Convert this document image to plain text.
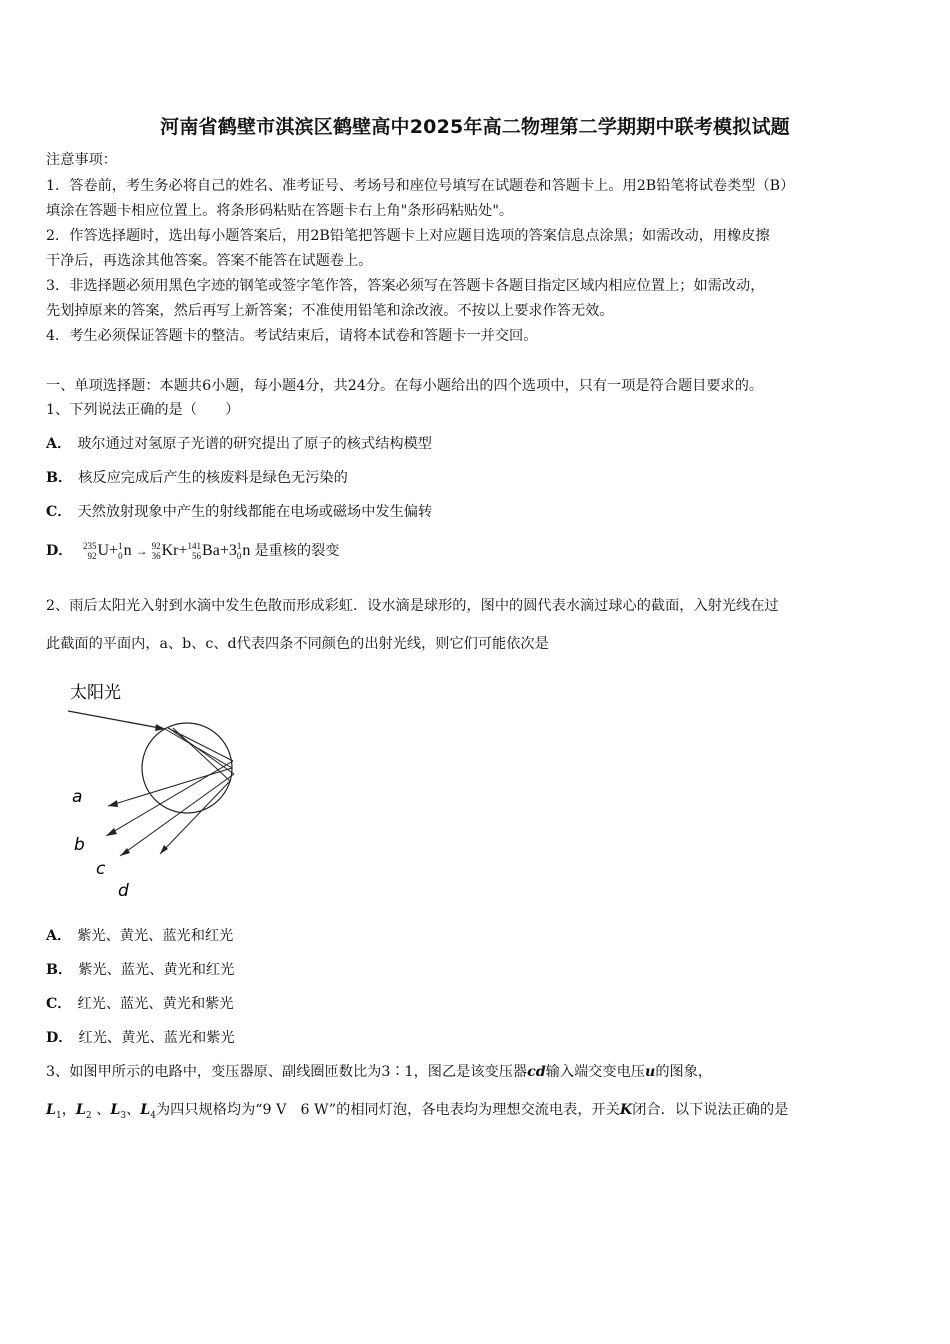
河南省鹤壁市淇滨区鹤壁高中2025年高二物理第二学期期中联考模拟试题
注意事项：
1．答卷前，考生务必将自己的姓名、准考证号、考场号和座位号填写在试题卷和答题卡上。用2B铅笔将试卷类型（B）
填涂在答题卡相应位置上。将条形码粘贴在答题卡右上角"条形码粘贴处"。
2．作答选择题时，选出每小题答案后，用2B铅笔把答题卡上对应题目选项的答案信息点涂黑；如需改动，用橡皮擦
干净后，再选涂其他答案。答案不能答在试题卷上。
3．非选择题必须用黑色字迹的钢笔或签字笔作答，答案必须写在答题卡各题目指定区域内相应位置上；如需改动，
先划掉原来的答案，然后再写上新答案；不准使用铅笔和涂改液。不按以上要求作答无效。
4．考生必须保证答题卡的整洁。考试结束后，请将本试卷和答题卡一并交回。
一、单项选择题：本题共6小题，每小题4分，共24分。在每小题给出的四个选项中，只有一项是符合题目要求的。
1、下列说法正确的是（　　）
A． 玻尔通过对氢原子光谱的研究提出了原子的核式结构模型
B． 核反应完成后产生的核废料是绿色无污染的
C． 天然放射现象中产生的射线都能在电场或磁场中发生偏转
D． 235
92 U+ 1
0 n → 92
36 Kr+ 141
56 Ba+3 1
0 n 是重核的裂变
2、雨后太阳光入射到水滴中发生色散而形成彩虹．设水滴是球形的，图中的圆代表水滴过球心的截面，入射光线在过
此截面的平面内，a、b、c、d代表四条不同颜色的出射光线，则它们可能依次是
太阳光
a
b
c
d
A． 紫光、黄光、蓝光和红光
B． 紫光、蓝光、黄光和红光
C． 红光、蓝光、黄光和紫光
D． 红光、黄光、蓝光和紫光
3、如图甲所示的电路中，变压器原、副线圈匝数比为3∶1，图乙是该变压器cd输入端交变电压u的图象，
$L_1$，$L_2$ 、$L_3$、$L_4$为四只规格均为“9 V　6 W”的相同灯泡，各电表均为理想交流电表，开关K闭合．以下说法正确的是
